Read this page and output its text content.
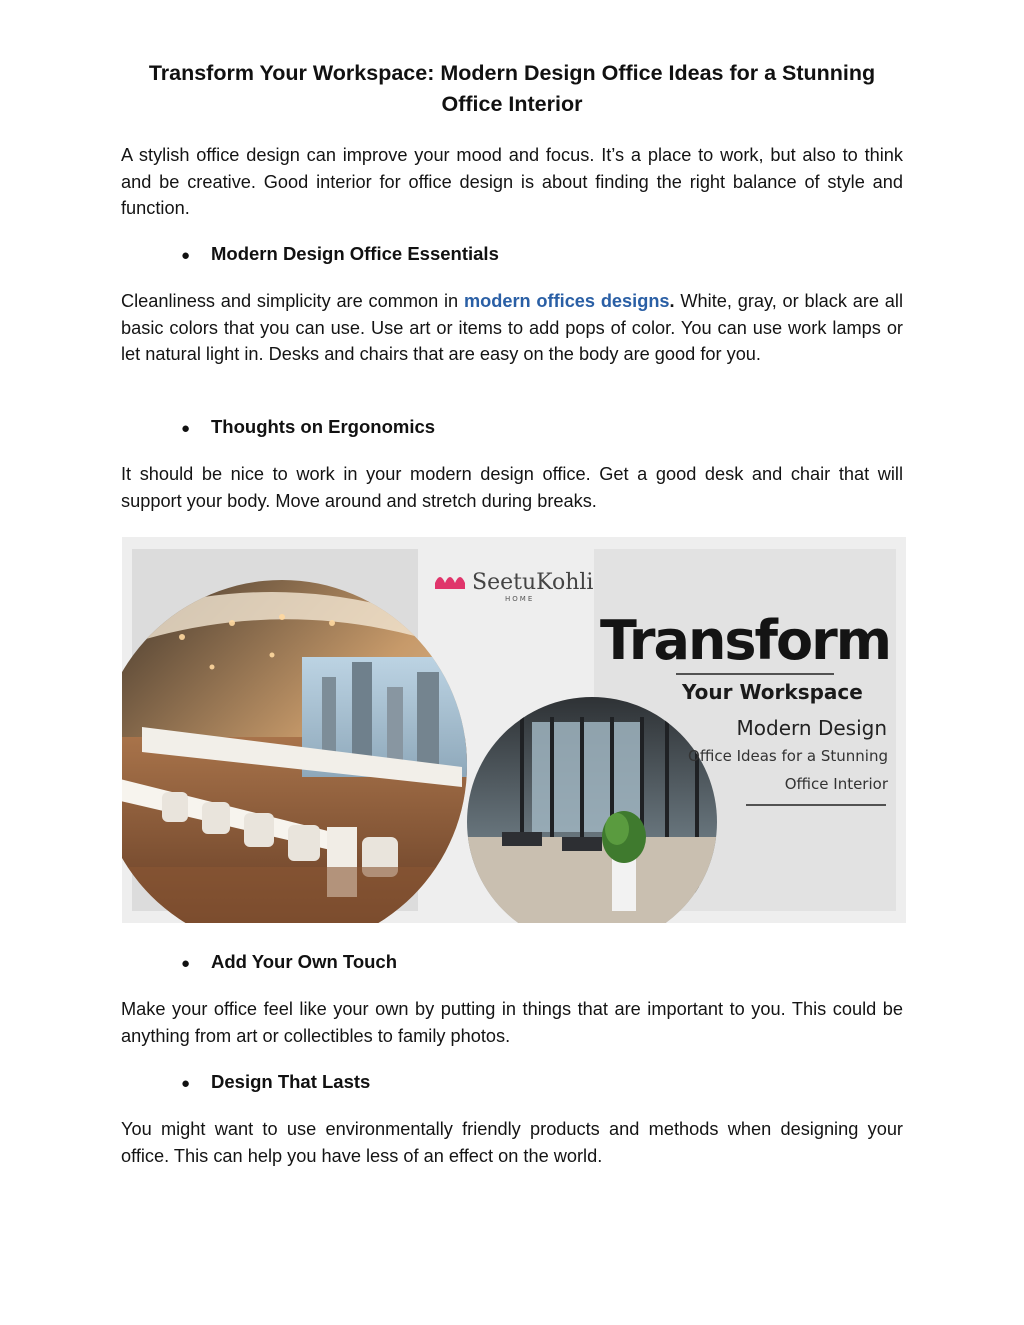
Transform Your Workspace: Modern Design Office Ideas for a Stunning Office Interior

A stylish office design can improve your mood and focus. It’s a place to work, but also to think and be creative. Good interior for office design is about finding the right balance of style and function.

● Modern Design Office Essentials

Cleanliness and simplicity are common in modern offices designs. White, gray, or black are all basic colors that you can use. Use art or items to add pops of color. You can use work lamps or let natural light in. Desks and chairs that are easy on the body are good for you.

● Thoughts on Ergonomics

It should be nice to work in your modern design office. Get a good desk and chair that will support your body. Move around and stretch during breaks.

SeetuKohli
HOME
Transform
Your Workspace
Modern Design
Office Ideas for a Stunning
Office Interior
● Add Your Own Touch

Make your office feel like your own by putting in things that are important to you. This could be anything from art or collectibles to family photos.

● Design That Lasts

You might want to use environmentally friendly products and methods when designing your office. This can help you have less of an effect on the world.
